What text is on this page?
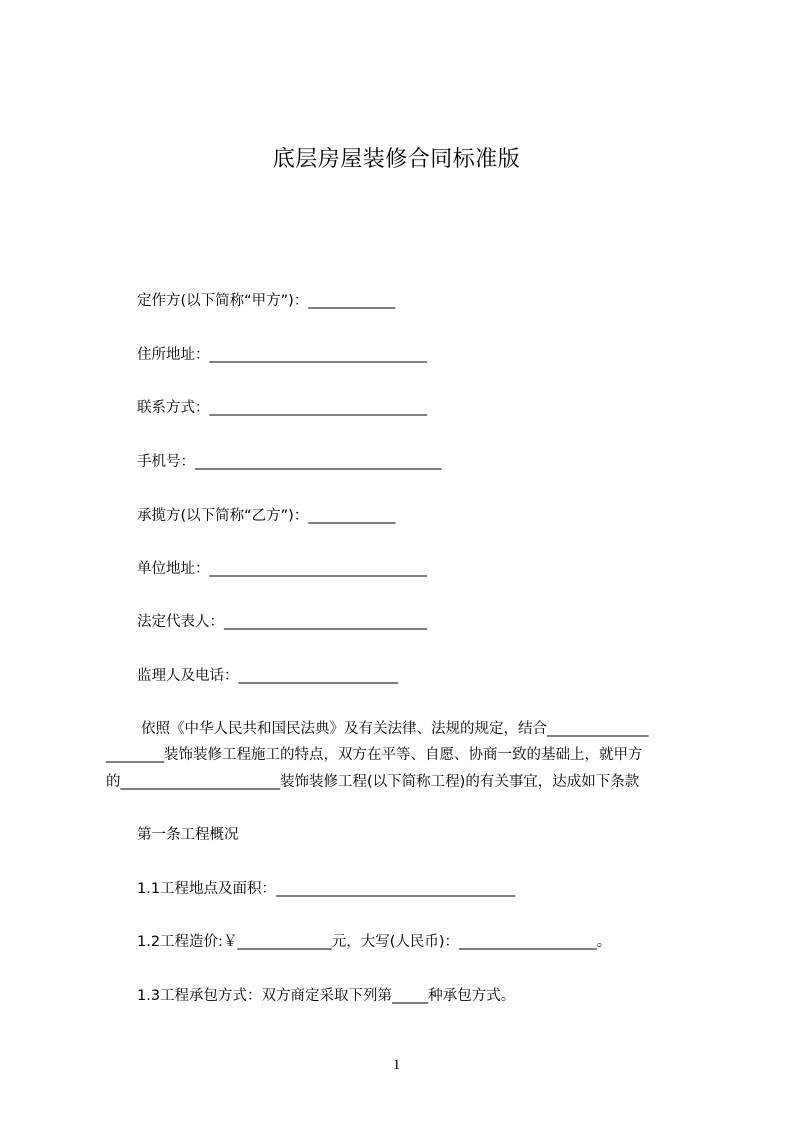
底层房屋装修合同标准版
定作方(以下简称“甲方”)：____________
住所地址：______________________________
联系方式：______________________________
手机号：__________________________________
承揽方(以下简称“乙方”)：____________
单位地址：______________________________
法定代表人：____________________________
监理人及电话：______________________
依照《中华人民共和国民法典》及有关法律、法规的规定，结合______________
________装饰装修工程施工的特点，双方在平等、自愿、协商一致的基础上，就甲方
的______________________装饰装修工程(以下简称工程)的有关事宜，达成如下条款
第一条工程概况
1.1工程地点及面积：_________________________________
1.2工程造价:￥_____________元，大写(人民币)：___________________。
1.3工程承包方式：双方商定采取下列第_____种承包方式。
1
